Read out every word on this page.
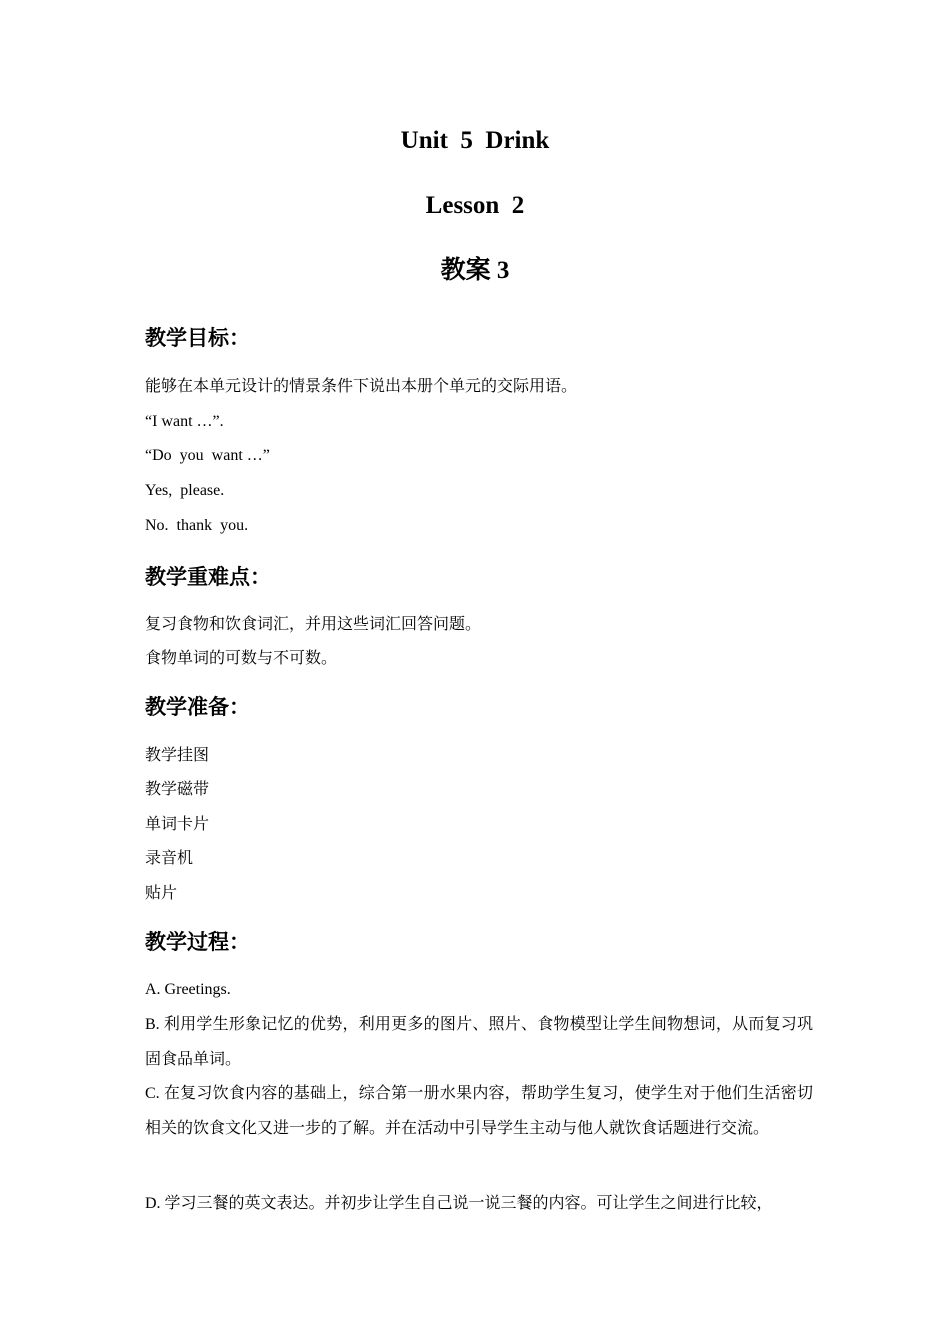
Unit  5  Drink
Lesson  2
教案 3
教学目标：
能够在本单元设计的情景条件下说出本册个单元的交际用语。
“I want …”.
“Do  you  want …”
Yes,  please.
No.  thank  you.
教学重难点：
复习食物和饮食词汇，并用这些词汇回答问题。
食物单词的可数与不可数。
教学准备：
教学挂图
教学磁带
单词卡片
录音机
贴片
教学过程：
A. Greetings.
B. 利用学生形象记忆的优势，利用更多的图片、照片、食物模型让学生间物想词，从而复习巩固食品单词。
C. 在复习饮食内容的基础上，综合第一册水果内容，帮助学生复习，使学生对于他们生活密切相关的饮食文化又进一步的了解。并在活动中引导学生主动与他人就饮食话题进行交流。
D. 学习三餐的英文表达。并初步让学生自己说一说三餐的内容。可让学生之间进行比较，
